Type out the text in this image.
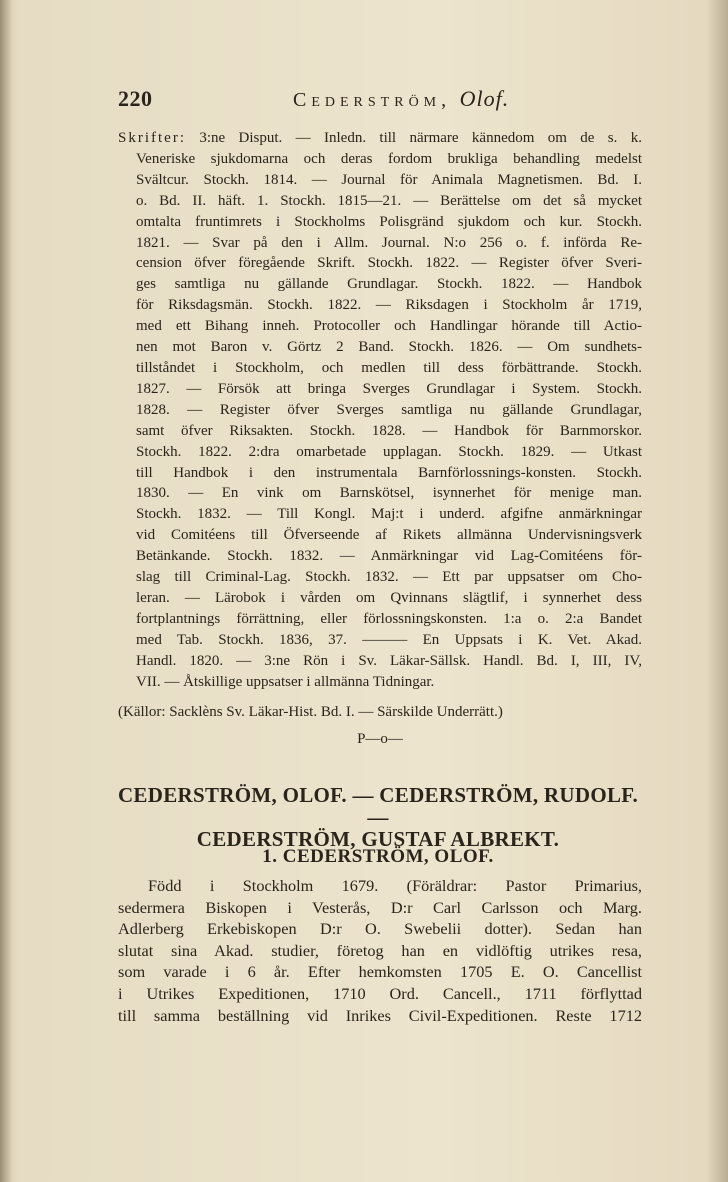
220	Cederström, Olof.
Skrifter: 3:ne Disput. — Inledn. till närmare kännedom om de s. k.
Veneriske sjukdomarna och deras fordom brukliga behandling medelst
Svältcur. Stockh. 1814. — Journal för Animala Magnetismen. Bd. I.
o. Bd. II. häft. 1. Stockh. 1815—21. — Berättelse om det så mycket
omtalta fruntimrets i Stockholms Polisgränd sjukdom och kur. Stockh.
1821. — Svar på den i Allm. Journal. N:o 256 o. f. införda Re-
cension öfver föregående Skrift. Stockh. 1822. — Register öfver Sveri-
ges samtliga nu gällande Grundlagar. Stockh. 1822. — Handbok
för Riksdagsmän. Stockh. 1822. — Riksdagen i Stockholm år 1719,
med ett Bihang inneh. Protocoller och Handlingar hörande till Actio-
nen mot Baron v. Görtz 2 Band. Stockh. 1826. — Om sundhets-
tillståndet i Stockholm, och medlen till dess förbättrande. Stockh.
1827. — Försök att bringa Sverges Grundlagar i System. Stockh.
1828. — Register öfver Sverges samtliga nu gällande Grundlagar,
samt öfver Riksakten. Stockh. 1828. — Handbok för Barnmorskor.
Stockh. 1822. 2:dra omarbetade upplagan. Stockh. 1829. — Utkast
till Handbok i den instrumentala Barnförlossnings-konsten. Stockh.
1830. — En vink om Barnskötsel, isynnerhet för menige man.
Stockh. 1832. — Till Kongl. Maj:t i underd. afgifne anmärkningar
vid Comitéens till Öfverseende af Rikets allmänna Undervisningsverk
Betänkande. Stockh. 1832. — Anmärkningar vid Lag-Comitéens för-
slag till Criminal-Lag. Stockh. 1832. — Ett par uppsatser om Cho-
leran. — Lärobok i vården om Qvinnans slägtlif, i synnerhet dess
fortplantnings förrättning, eller förlossningskonsten. 1:a o. 2:a Bandet
med Tab. Stockh. 1836, 37. ——— En Uppsats i K. Vet. Akad.
Handl. 1820. — 3:ne Rön i Sv. Läkar-Sällsk. Handl. Bd. I, III, IV,
VII. — Åtskillige uppsatser i allmänna Tidningar.
(Källor: Sacklèns Sv. Läkar-Hist. Bd. I. — Särskilde Underrätt.)
P—o—
CEDERSTRÖM, OLOF. — CEDERSTRÖM, RUDOLF. —
CEDERSTRÖM, GUSTAF ALBREKT.
1. CEDERSTRÖM, OLOF.
Född i Stockholm 1679. (Föräldrar: Pastor Primarius,
sedermera Biskopen i Vesterås, D:r Carl Carlsson och Marg.
Adlerberg Erkebiskopen D:r O. Swebelii dotter). Sedan han
slutat sina Akad. studier, företog han en vidlöftig utrikes resa,
som varade i 6 år. Efter hemkomsten 1705 E. O. Cancellist
i Utrikes Expeditionen, 1710 Ord. Cancell., 1711 förflyttad
till samma beställning vid Inrikes Civil-Expeditionen. Reste 1712
